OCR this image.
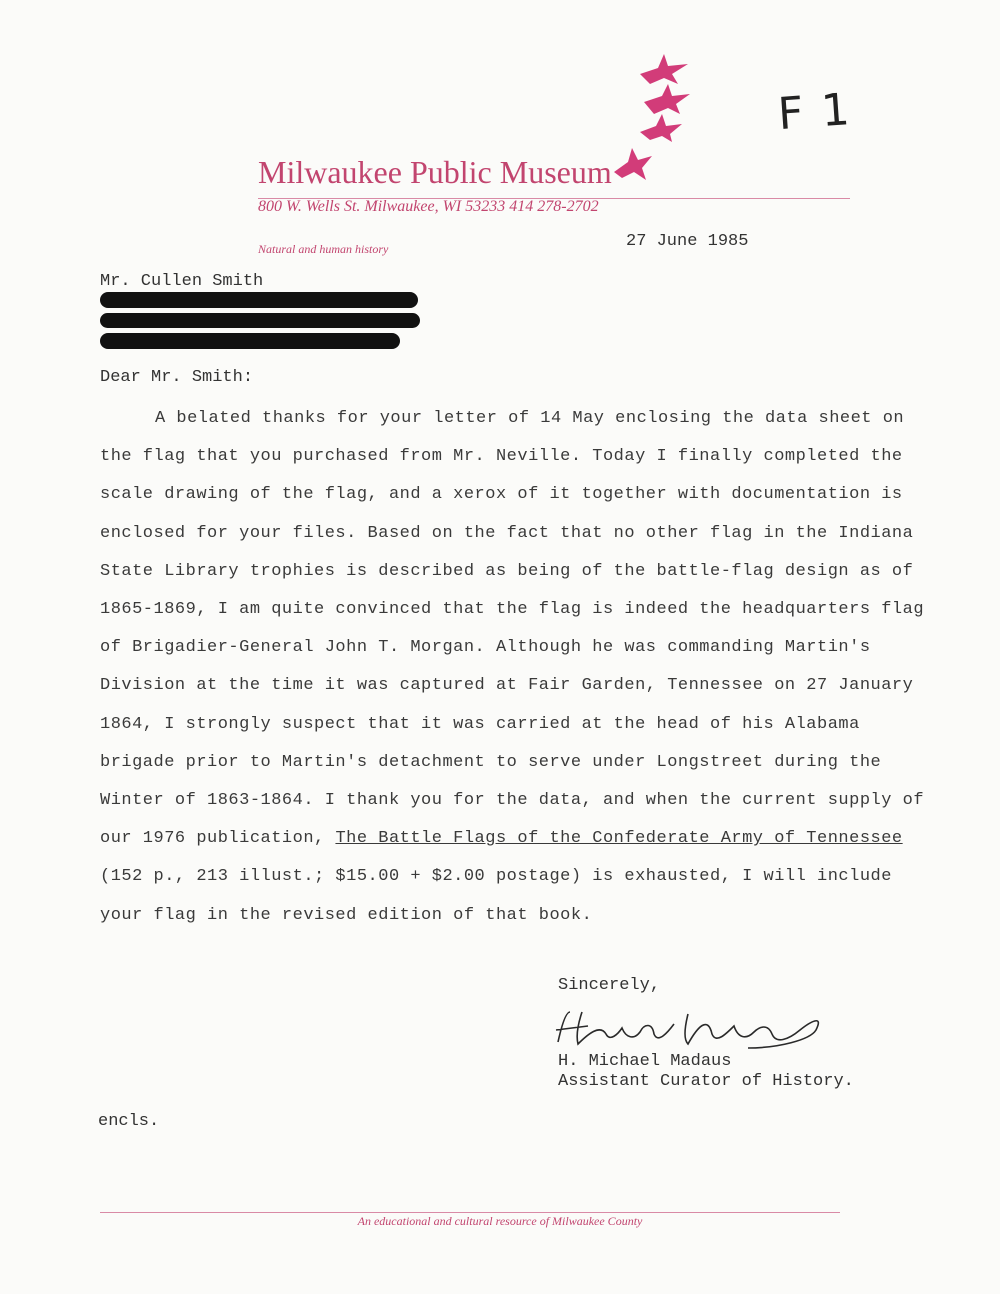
F1
Milwaukee Public Museum
800 W. Wells St. Milwaukee, WI 53233 414 278-2702
Natural and human history	27 June 1985
Mr. Cullen Smith
Dear Mr. Smith:

A belated thanks for your letter of 14 May enclosing the data sheet on the flag that you purchased from Mr. Neville. Today I finally completed the scale drawing of the flag, and a xerox of it together with documentation is enclosed for your files. Based on the fact that no other flag in the Indiana State Library trophies is described as being of the battle-flag design as of 1865-1869, I am quite convinced that the flag is indeed the headquarters flag of Brigadier-General John T. Morgan. Although he was commanding Martin's Division at the time it was captured at Fair Garden, Tennessee on 27 January 1864, I strongly suspect that it was carried at the head of his Alabama brigade prior to Martin's detachment to serve under Longstreet during the Winter of 1863-1864. I thank you for the data, and when the current supply of our 1976 publication, The Battle Flags of the Confederate Army of Tennessee (152 p., 213 illust.; $15.00 + $2.00 postage) is exhausted, I will include your flag in the revised edition of that book.

Sincerely,
H. Michael Madaus
Assistant Curator of History.
encls.
An educational and cultural resource of Milwaukee County
